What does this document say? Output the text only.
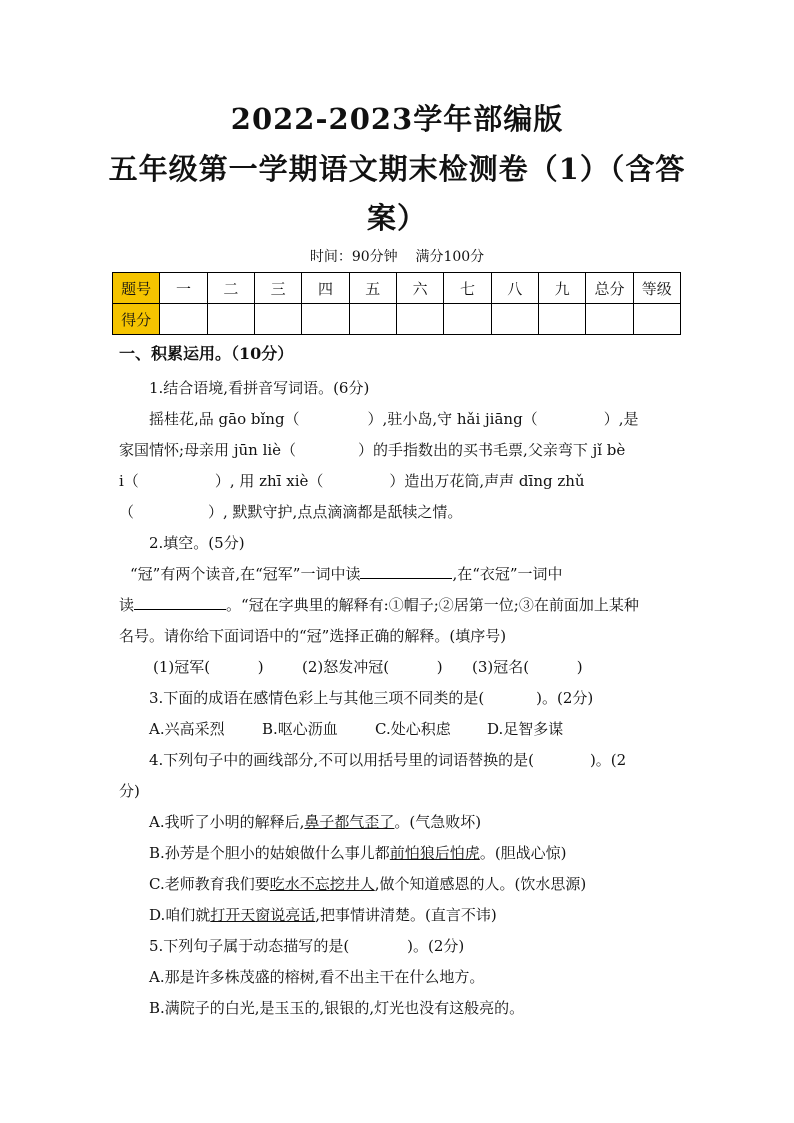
2022-2023学年部编版
五年级第一学期语文期末检测卷（1）（含答
案）
时间：90分钟    满分100分
题号	一	二	三	四	五	六	七	八	九	总分	等级
得分											
一、积累运用。（10分）
1.结合语境,看拼音写词语。(6分)
摇桂花,品 gāo bǐng（	）,驻小岛,守 hǎi jiāng（	）,是
家国情怀;母亲用 jūn liè（	）的手指数出的买书毛票,父亲弯下 jǐ bè
i（	）, 用 zhī xiè（	）造出万花筒,声声 dīng zhǔ
（	）, 默默守护,点点滴滴都是舐犊之情。
2.填空。(5分)
“冠”有两个读音,在“冠军”一词中读	,在“衣冠”一词中
读	。“冠在字典里的解释有:①帽子;②居第一位;③在前面加上某种
名号。请你给下面词语中的“冠”选择正确的解释。(填序号)
(1)冠军(          )	(2)怒发冲冠(          ) (3)冠名(          )
3.下面的成语在感情色彩上与其他三项不同类的是(	)。(2分)
A.兴高采烈 B.呕心沥血 C.处心积虑 D.足智多谋
4.下列句子中的画线部分,不可以用括号里的词语替换的是(	)。(2
分)
A.我听了小明的解释后,鼻子都气歪了。(气急败坏)
B.孙芳是个胆小的姑娘做什么事儿都前怕狼后怕虎。(胆战心惊)
C.老师教育我们要吃水不忘挖井人,做个知道感恩的人。(饮水思源)
D.咱们就打开天窗说亮话,把事情讲清楚。(直言不讳)
5.下列句子属于动态描写的是(	)。(2分)
A.那是许多株茂盛的榕树,看不出主干在什么地方。
B.满院子的白光,是玉玉的,银银的,灯光也没有这般亮的。
